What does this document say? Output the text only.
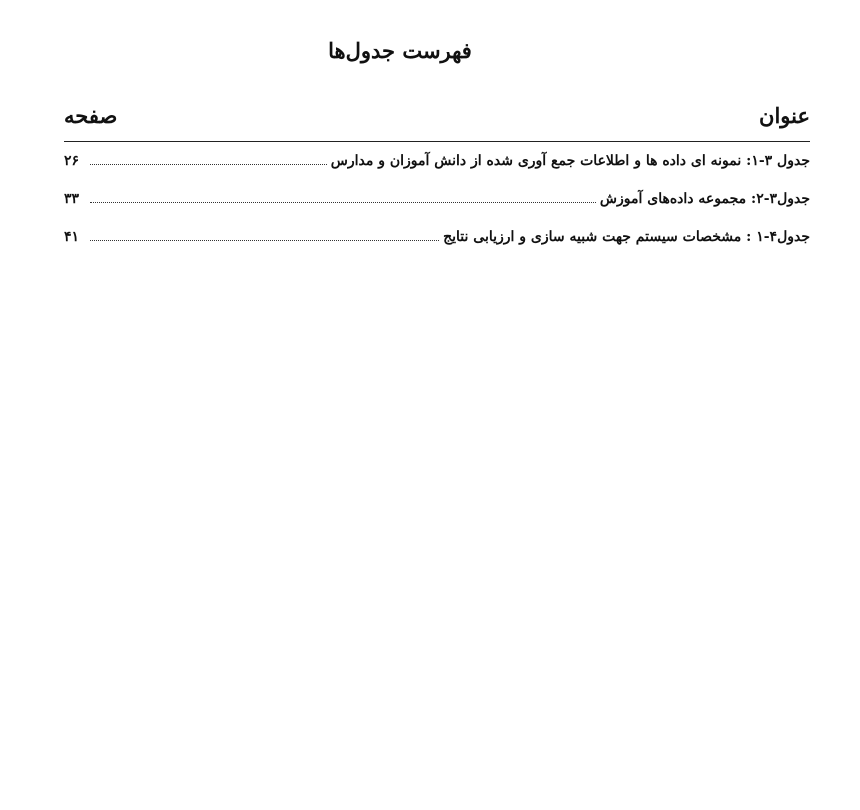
فهرست جدول‌ها
عنوان
صفحه
جدول ۳-۱: نمونه ای داده ها و اطلاعات جمع آوری شده از دانش آموزان و مدارس
۲۶
جدول۳-۲: مجموعه داده‌های آموزش
۳۳
جدول۴-۱ : مشخصات سیستم جهت شبیه سازی و ارزیابی نتایج
۴۱
